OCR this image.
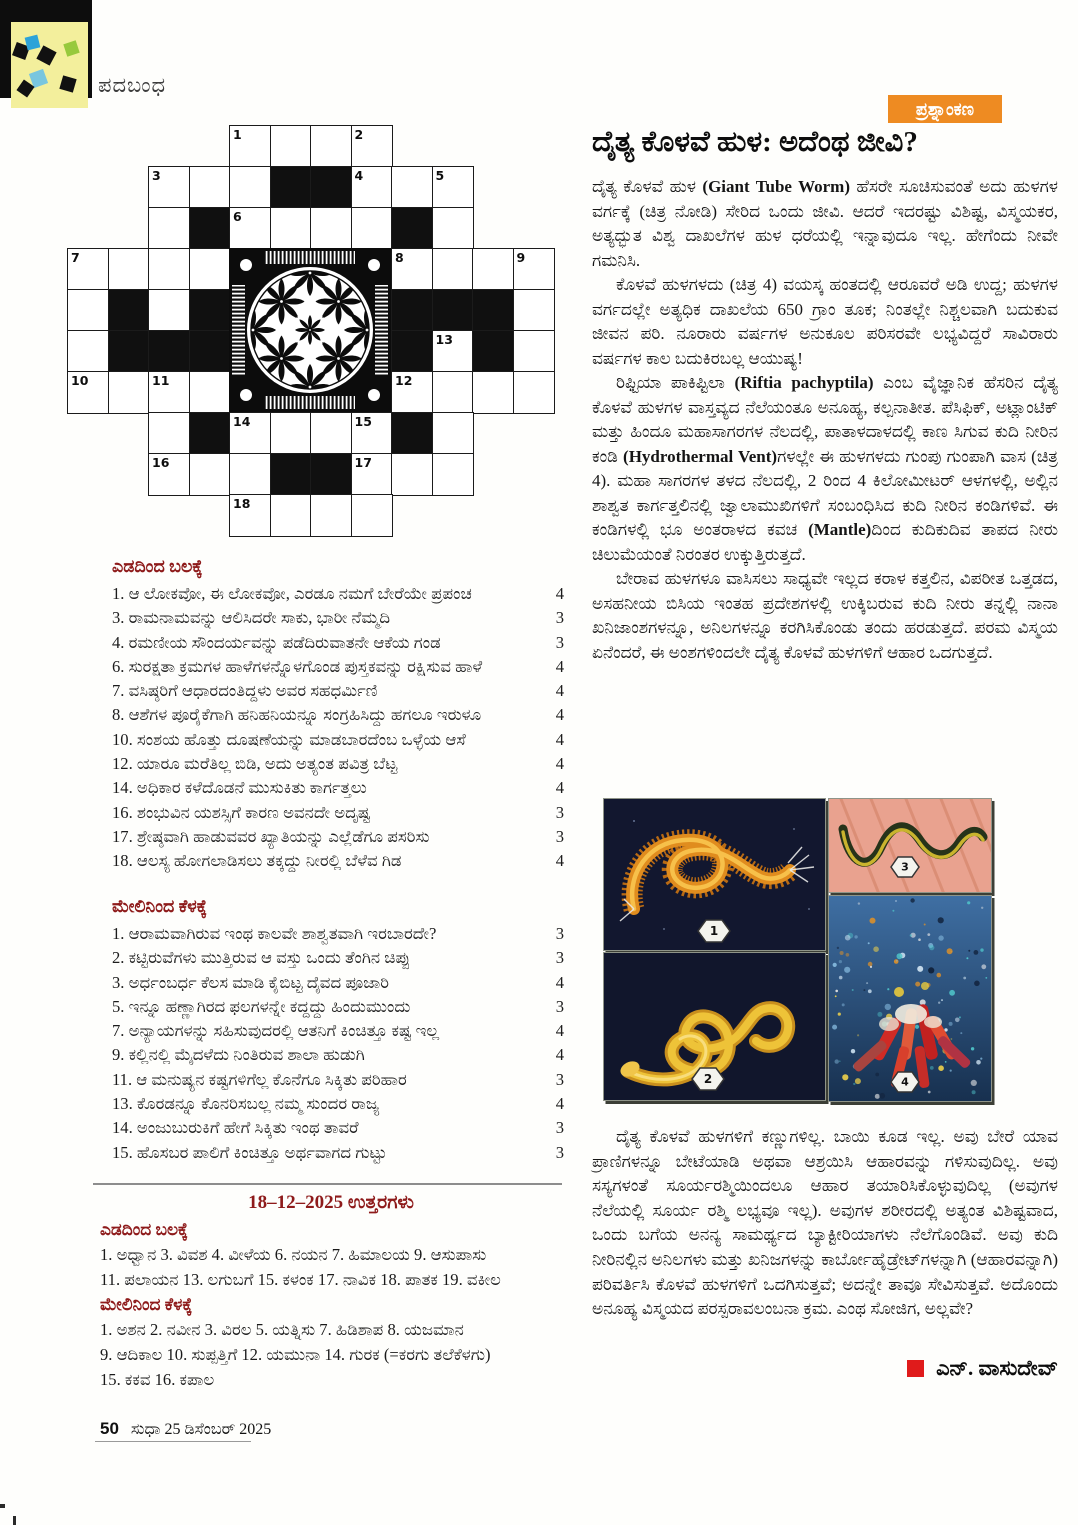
ಪದಬಂಧ
1	2
3	4	5
6
7	8	9
10	11	12
13
14	15
16	17
18
ಎಡದಿಂದ ಬಲಕ್ಕೆ
1. ಆ ಲೋಕವೋ, ಈ ಲೋಕವೋ, ಎರಡೂ ನಮಗೆ ಬೇರೆಯೇ ಪ್ರಪಂಚ	4
3. ರಾಮನಾಮವನ್ನು ಆಲಿಸಿದರೇ ಸಾಕು, ಭಾರೀ ನೆಮ್ಮದಿ	3
4. ರಮಣೀಯ ಸೌಂದರ್ಯವನ್ನು ಪಡೆದಿರುವಾತನೇ ಆಕೆಯ ಗಂಡ	3
6. ಸುರಕ್ಷತಾ ಕ್ರಮಗಳ ಹಾಳೆಗಳನ್ನೊಳಗೊಂಡ ಪುಸ್ತಕವನ್ನು ರಕ್ಷಿಸುವ ಹಾಳೆ	4
7. ವಸಿಷ್ಠರಿಗೆ ಆಧಾರದಂತಿದ್ದಳು ಅವರ ಸಹಧರ್ಮಿಣಿ	4
8. ಆಶೆಗಳ ಪೂರೈಕೆಗಾಗಿ ಹನಿಹನಿಯನ್ನೂ ಸಂಗ್ರಹಿಸಿದ್ದು ಹಗಲೂ ಇರುಳೂ	4
10. ಸಂಶಯ ಹೊತ್ತು ದೂಷಣೆಯನ್ನು ಮಾಡಬಾರದೆಂಬ ಒಳ್ಳೆಯ ಆಸೆ	4
12. ಯಾರೂ ಮರೆತಿಲ್ಲ ಬಿಡಿ, ಅದು ಅತ್ಯಂತ ಪವಿತ್ರ ಬೆಟ್ಟ	4
14. ಅಧಿಕಾರ ಕಳೆದೊಡನೆ ಮುಸುಕಿತು ಕಾರ್ಗತ್ತಲು	4
16. ಶಂಭುವಿನ ಯಶಸ್ಸಿಗೆ ಕಾರಣ ಅವನದೇ ಅದೃಷ್ಟ	3
17. ಶ್ರೇಷ್ಠವಾಗಿ ಹಾಡುವವರ ಖ್ಯಾತಿಯನ್ನು ಎಲ್ಲೆಡೆಗೂ ಪಸರಿಸು	3
18. ಆಲಸ್ಯ ಹೋಗಲಾಡಿಸಲು ತಕ್ಕದ್ದು ನೀರಲ್ಲಿ ಬೆಳೆವ ಗಿಡ	4
ಮೇಲಿನಿಂದ ಕೆಳಕ್ಕೆ
1. ಆರಾಮವಾಗಿರುವ ಇಂಥ ಕಾಲವೇ ಶಾಶ್ವತವಾಗಿ ಇರಬಾರದೇ?	3
2. ಕಟ್ಟಿರುವೆಗಳು ಮುತ್ತಿರುವ ಆ ವಸ್ತು ಒಂದು ತೆಂಗಿನ ಚಿಪ್ಪು	3
3. ಅರ್ಧಂಬರ್ಧ ಕೆಲಸ ಮಾಡಿ ಕೈಬಿಟ್ಟ ದೈವದ ಪೂಜಾರಿ	4
5. ಇನ್ನೂ ಹಣ್ಣಾಗಿರದ ಫಲಗಳನ್ನೇ ಕದ್ದದ್ದು ಹಿಂದುಮುಂದು	3
7. ಅನ್ಯಾಯಗಳನ್ನು ಸಹಿಸುವುದರಲ್ಲಿ ಆತನಿಗೆ ಕಿಂಚಿತ್ತೂ ಕಷ್ಟ ಇಲ್ಲ	4
9. ಕಲ್ಲಿನಲ್ಲಿ ಮೈದಳೆದು ನಿಂತಿರುವ ಶಾಲಾ ಹುಡುಗಿ	4
11. ಆ ಮನುಷ್ಯನ ಕಷ್ಟಗಳಿಗೆಲ್ಲ ಕೊನೆಗೂ ಸಿಕ್ಕಿತು ಪರಿಹಾರ	3
13. ಕೊರಡನ್ನೂ ಕೊನರಿಸಬಲ್ಲ ನಮ್ಮ ಸುಂದರ ರಾಜ್ಯ	4
14. ಅಂಜುಬುರುಕಿಗೆ ಹೇಗೆ ಸಿಕ್ಕಿತು ಇಂಥ ತಾವರೆ	3
15. ಹೊಸಬರ ಪಾಲಿಗೆ ಕಿಂಚಿತ್ತೂ ಅರ್ಥವಾಗದ ಗುಟ್ಟು	3
18–12–2025 ಉತ್ತರಗಳು
ಎಡದಿಂದ ಬಲಕ್ಕೆ
1. ಅಧ್ವಾನ 3. ವಿವಶ 4. ವೀಳೆಯ 6. ನಯನ 7. ಹಿಮಾಲಯ 9. ಆಸುಪಾಸು
11. ಪಲಾಯನ 13. ಲಗುಬಗೆ 15. ಕಳಂಕ 17. ನಾವಿಕ 18. ಪಾತಕ 19. ವಕೀಲ
ಮೇಲಿನಿಂದ ಕೆಳಕ್ಕೆ
1. ಅಶನ 2. ನವೀನ 3. ವಿರಲ 5. ಯತ್ನಿಸು 7. ಹಿಡಿಶಾಪ 8. ಯಜಮಾನ
9. ಆದಿಕಾಲ 10. ಸುಪ್ಪತ್ತಿಗೆ 12. ಯಮುನಾ 14. ಗುರಕ (=ಕರಗು ತಲೆಕೆಳಗು)
15. ಕಕವ 16. ಕಪಾಲ
50 ಸುಧಾ 25 ಡಿಸೆಂಬರ್ 2025
ಪ್ರಶ್ನಾಂಕಣ
ದೈತ್ಯ ಕೊಳವೆ ಹುಳ: ಅದೆಂಥ ಜೀವಿ?

ದೈತ್ಯ ಕೊಳವೆ ಹುಳ (Giant Tube Worm) ಹೆಸರೇ ಸೂಚಿಸುವಂತೆ ಅದು ಹುಳಗಳ ವರ್ಗಕ್ಕೆ (ಚಿತ್ರ ನೋಡಿ) ಸೇರಿದ ಒಂದು ಜೀವಿ. ಆದರೆ ಇದರಷ್ಟು ವಿಶಿಷ್ಟ, ವಿಸ್ಮಯಕರ, ಅತ್ಯದ್ಭುತ ವಿಶ್ವ ದಾಖಲೆಗಳ ಹುಳ ಧರೆಯಲ್ಲಿ ಇನ್ನಾವುದೂ ಇಲ್ಲ. ಹೇಗೆಂದು ನೀವೇ ಗಮನಿಸಿ.

ಕೊಳವೆ ಹುಳಗಳದು (ಚಿತ್ರ 4) ವಯಸ್ಕ ಹಂತದಲ್ಲಿ ಆರೂವರೆ ಅಡಿ ಉದ್ದ; ಹುಳಗಳ ವರ್ಗದಲ್ಲೇ ಅತ್ಯಧಿಕ ದಾಖಲೆಯ 650 ಗ್ರಾಂ ತೂಕ; ನಿಂತಲ್ಲೇ ನಿಶ್ಚಲವಾಗಿ ಬದುಕುವ ಜೀವನ ಪರಿ. ನೂರಾರು ವರ್ಷಗಳ ಅನುಕೂಲ ಪರಿಸರವೇ ಲಭ್ಯವಿದ್ದರೆ ಸಾವಿರಾರು ವರ್ಷಗಳ ಕಾಲ ಬದುಕಿರಬಲ್ಲ ಆಯುಷ್ಯ!

ರಿಫ್ಟಿಯಾ ಪಾಕಿಪ್ಟಿಲಾ (Riftia pachyptila) ಎಂಬ ವೈಜ್ಞಾನಿಕ ಹೆಸರಿನ ದೈತ್ಯ ಕೊಳವೆ ಹುಳಗಳ ವಾಸ್ತವ್ಯದ ನೆಲೆಯಂತೂ ಅನೂಹ್ಯ, ಕಲ್ಪನಾತೀತ. ಪೆಸಿಫಿಕ್, ಅಟ್ಲಾಂಟಿಕ್ ಮತ್ತು ಹಿಂದೂ ಮಹಾಸಾಗರಗಳ ನೆಲದಲ್ಲಿ, ಪಾತಾಳದಾಳದಲ್ಲಿ ಕಾಣ ಸಿಗುವ ಕುದಿ ನೀರಿನ ಕಂಡಿ (Hydrothermal Vent)ಗಳಲ್ಲೇ ಈ ಹುಳಗಳದು ಗುಂಪು ಗುಂಪಾಗಿ ವಾಸ (ಚಿತ್ರ 4). ಮಹಾ ಸಾಗರಗಳ ತಳದ ನೆಲದಲ್ಲಿ, 2 ರಿಂದ 4 ಕಿಲೋಮೀಟರ್ ಆಳಗಳಲ್ಲಿ, ಅಲ್ಲಿನ ಶಾಶ್ವತ ಕಾರ್ಗತ್ತಲಿನಲ್ಲಿ ಜ್ವಾಲಾಮುಖಿಗಳಿಗೆ ಸಂಬಂಧಿಸಿದ ಕುದಿ ನೀರಿನ ಕಂಡಿಗಳಿವೆ. ಈ ಕಂಡಿಗಳಲ್ಲಿ ಭೂ ಅಂತರಾಳದ ಕವಚ (Mantle)ದಿಂದ ಕುದಿಕುದಿವ ತಾಪದ ನೀರು ಚಿಲುಮೆಯಂತೆ ನಿರಂತರ ಉಕ್ಕುತ್ತಿರುತ್ತದೆ.

ಬೇರಾವ ಹುಳಗಳೂ ವಾಸಿಸಲು ಸಾಧ್ಯವೇ ಇಲ್ಲದ ಕರಾಳ ಕತ್ತಲಿನ, ವಿಪರೀತ ಒತ್ತಡದ, ಅಸಹನೀಯ ಬಿಸಿಯ ಇಂತಹ ಪ್ರದೇಶಗಳಲ್ಲಿ ಉಕ್ಕಿಬರುವ ಕುದಿ ನೀರು ತನ್ನಲ್ಲಿ ನಾನಾ ಖನಿಜಾಂಶಗಳನ್ನೂ, ಅನಿಲಗಳನ್ನೂ ಕರಗಿಸಿಕೊಂಡು ತಂದು ಹರಡುತ್ತದೆ. ಪರಮ ವಿಸ್ಮಯ ಏನೆಂದರೆ, ಈ ಅಂಶಗಳಿಂದಲೇ ದೈತ್ಯ ಕೊಳವೆ ಹುಳಗಳಿಗೆ ಆಹಾರ ಒದಗುತ್ತದೆ.

1
2
3
4

ದೈತ್ಯ ಕೊಳವೆ ಹುಳಗಳಿಗೆ ಕಣ್ಣುಗಳಿಲ್ಲ. ಬಾಯಿ ಕೂಡ ಇಲ್ಲ. ಅವು ಬೇರೆ ಯಾವ ಪ್ರಾಣಿಗಳನ್ನೂ ಬೇಟೆಯಾಡಿ ಅಥವಾ ಆಶ್ರಯಿಸಿ ಆಹಾರವನ್ನು ಗಳಿಸುವುದಿಲ್ಲ. ಅವು ಸಸ್ಯಗಳಂತೆ ಸೂರ್ಯರಶ್ಮಿಯಿಂದಲೂ ಆಹಾರ ತಯಾರಿಸಿಕೊಳ್ಳುವುದಿಲ್ಲ (ಅವುಗಳ ನೆಲೆಯಲ್ಲಿ ಸೂರ್ಯ ರಶ್ಮಿ ಲಭ್ಯವೂ ಇಲ್ಲ). ಅವುಗಳ ಶರೀರದಲ್ಲಿ ಅತ್ಯಂತ ವಿಶಿಷ್ಟವಾದ, ಒಂದು ಬಗೆಯ ಅನನ್ಯ ಸಾಮರ್ಥ್ಯದ ಬ್ಯಾಕ್ಟೀರಿಯಾಗಳು ನೆಲೆಗೊಂಡಿವೆ. ಅವು ಕುದಿ ನೀರಿನಲ್ಲಿನ ಅನಿಲಗಳು ಮತ್ತು ಖನಿಜಗಳನ್ನು ಕಾರ್ಬೋಹೈಡ್ರೇಟ್‌ಗಳನ್ನಾಗಿ (ಆಹಾರವನ್ನಾಗಿ) ಪರಿವರ್ತಿಸಿ ಕೊಳವೆ ಹುಳಗಳಿಗೆ ಒದಗಿಸುತ್ತವೆ; ಅದನ್ನೇ ತಾವೂ ಸೇವಿಸುತ್ತವೆ. ಅದೊಂದು ಅನೂಹ್ಯ ವಿಸ್ಮಯದ ಪರಸ್ಪರಾವಲಂಬನಾ ಕ್ರಮ. ಎಂಥ ಸೋಜಿಗ, ಅಲ್ಲವೇ?

ಎನ್. ವಾಸುದೇವ್
